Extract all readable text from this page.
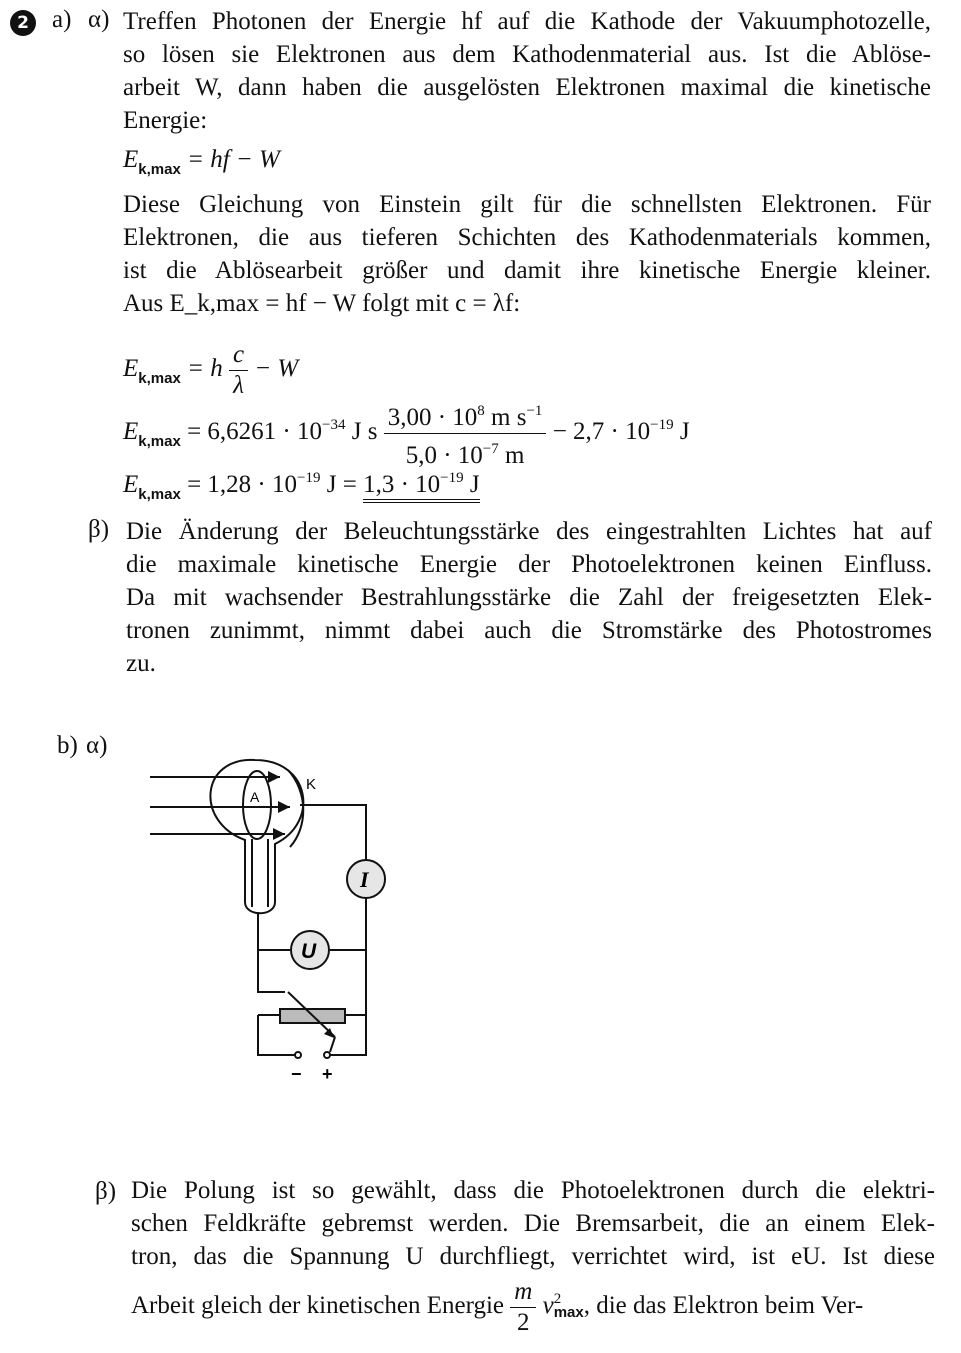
2 a) α) Treffen Photonen der Energie hf auf die Kathode der Vakuumphotozelle,
so lösen sie Elektronen aus dem Kathodenmaterial aus. Ist die Ablöse-
arbeit W, dann haben die ausgelösten Elektronen maximal die kinetische
Energie:
$E_{k,max}$ = hf − W
Diese Gleichung von Einstein gilt für die schnellsten Elektronen. Für
Elektronen, die aus tieferen Schichten des Kathodenmaterials kommen,
ist die Ablösearbeit größer und damit ihre kinetische Energie kleiner.
Aus E_k,max = hf − W folgt mit c = λf:
$E_{k,max} = h \frac{c}{\lambda} - W$
$E_{k,max} = 6,6261 \cdot 10^{-34}$ J s $\frac{3,00 \cdot 10^8 m s^{-1}}{5,0 \cdot 10^{-7} m} - 2,7 \cdot 10^{-19}$ J
$E_{k,max} = 1,28 \cdot 10^{-19}$ $J = 1,3 \cdot 10^{-19}$ J
β) Die Änderung der Beleuchtungsstärke des eingestrahlten Lichtes hat auf
die maximale kinetische Energie der Photoelektronen keinen Einfluss.
Da mit wachsender Bestrahlungsstärke die Zahl der freigesetzten Elek-
tronen zunimmt, nimmt dabei auch die Stromstärke des Photostromes
zu.
b) α)
A
K
I
U
− +
β) Die Polung ist so gewählt, dass die Photoelektronen durch die elektri-
schen Feldkräfte gebremst werden. Die Bremsarbeit, die an einem Elek-
tron, das die Spannung U durchfliegt, verrichtet wird, ist eU. Ist diese
Arbeit gleich der kinetischen Energie $\frac{m}{2}$ v 2
max , die das Elektron beim Ver-
